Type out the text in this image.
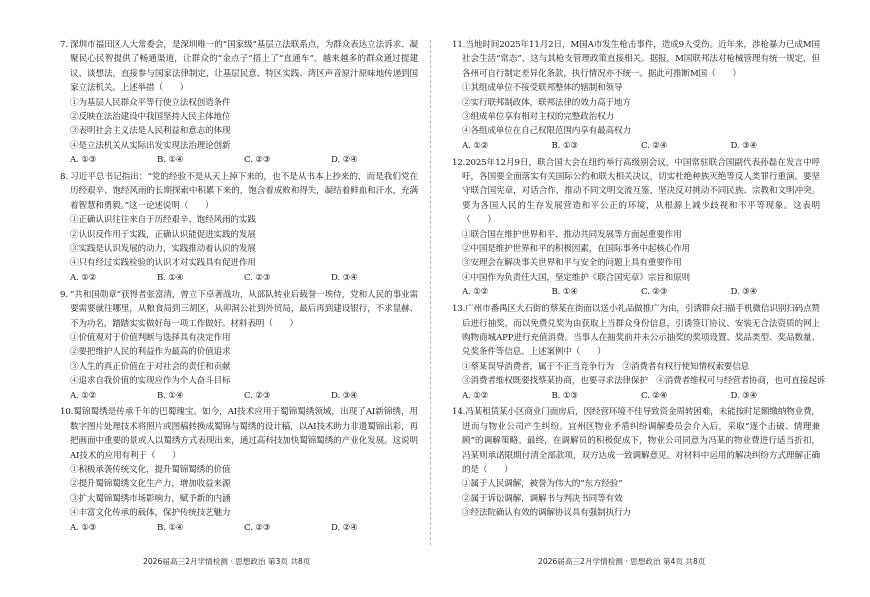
7. 深圳市福田区人大常委会，是深圳唯一的“国家级”基层立法联系点，为群众表达立法诉求、凝聚民心民智提供了畅通渠道，让群众的“金点子”搭上了“直通车”。越来越多的群众通过提建议、谈想法，直接参与国家法律制定，让基层民意、特区实践、湾区声音原汁原味地传递到国家立法机关。上述举措（　　）
①为基层人民群众平等行使立法权创造条件
②反映在法治建设中我国坚持人民主体地位
③表明社会主义法是人民利益和意志的体现
④是立法机关从实际出发实现法治理论创新
A. ①③	B. ①④	C. ②③	D. ②④
8. 习近平总书记指出：“党的经验不是从天上掉下来的，也不是从书本上抄来的，而是我们党在历经艰辛、饱经风雨的长期探索中积累下来的，饱含着成败和得失，凝结着鲜血和汗水，充满着智慧和勇毅。”这一论述说明（　　）
①正确认识往往来自于历经艰辛、饱经风雨的实践
②认识反作用于实践，正确认识能促进实践的发展
③实践是认识发展的动力，实践推动着认识的发展
④只有经过实践检验的认识才对实践具有促进作用
A. ①②	B. ①④	C. ②③	D. ③④
9. “共和国勋章”获得者张富清，曾立下卓著战功，从部队转业后载誉一埃侍，党和人民的事业需要需要就往哪里，从粮食局到三胡区，从卯洞公社到外贸局，最后再到建设银行，不求显赫、不为功名，踏踏实实做好每一项工作做好。材料表明（　　）
①价值观对于价值判断与选择具有决定作用
②要把维护人民的利益作为最高的价值追求
③人生的真正价值在于对社会的责任和贡献
④追求自我价值的实现应作为个人奋斗目标
A. ①②	B. ①④	C. ②③	D. ③④
10.蜀锦蜀绣是传承千年的巴蜀瑰宝。如今，AI技术应用于蜀锦蜀绣领域，出现了AI新锦绣，用数字图片处理技术将照片或图稿转换成蜀锦与蜀绣的设计稿，以AI技术助力非遗蜀锦出彩，再把画面中重要的景或人以蜀绣方式表现出来，通过高科技加快蜀锦蜀绣的产业化发展。这说明AI技术的应用有利于（　　）
①积极承袭传统文化，提升蜀锦蜀绣的价值
②提升蜀锦蜀绣文化生产力，增加收益来源
③扩大蜀锦蜀绣市场影响力，赋予新的内涵
④丰富文化传承的载体，保护传统技艺魅力
A. ①③	B. ①④	C. ②③	D. ②④
11.当地时间2025年11月2日，M国A市发生枪击事件，造成9人受伤。近年来，涉枪暴力已成M国社会生活“常态”，这与其枪支管理政策直接相关。据报，M国联邦法对枪械管理有统一规定，但各州可自行制定差异化条款，执行情况亦不统一。据此可推断M国（　　）
①其组成单位不接受联邦整体的辖制和领导
②实行联邦制政体，联邦法律的效力高于地方
③组成单位享有相对主权的完整政治权力
④各组成单位在自己权限范围内享有最高权力
A. ①②	B. ①③	C. ②④	D. ③④
12.2025年12月9日，联合国大会在纽约举行高级别会议，中国常驻联合国副代表孙磊在发言中呼吁，各国要全面落实有关国际公约和联大相关决议，切实杜绝种族灭绝等反人类罪行重演。要坚守联合国宪章，对话合作，推动不同文明交流互鉴，坚决反对挑动不同民族、宗教和文明冲突。要为各国人民的生存发展营造和平公正的环境，从根源上减少歧视和不平等现象。这表明（　　）
①联合国在维护世界和平、推动共同发展等方面起重要作用
②中国是维护世界和平的积极因素，在国际事务中起核心作用
③安理会在解决事关世界和平与安全的问题上具有重要作用
④中国作为负责任大国，坚定维护《联合国宪章》宗旨和原则
A. ①②	B. ①④	C. ②③	D. ③④
13.广州市番禺区大石街的蔡某在街面以送小礼品做推广为由，引诱群众扫描手机微信识别扫码点赞后进行抽奖，而以免费兑奖为由获取上当群众身份信息，引诱签订协议、安装无合法资质的网上购物商城APP进行充值消费。当事人在抽奖前并未公示抽奖的奖项设置、奖品类型、奖品数量、兑奖条件等信息。上述案例中（　　）
①蔡某误导消费者，属于不正当竞争行为　②消费者有权行使知情权索要信息
③消费者维权既要找蔡某协商，也要寻求法律保护　④消费者维权可与经营者协商，也可直接起诉
A. ①②	B. ①③	C. ②④	D. ③④
14.冯某租赁某小区商业门面房后，因经营环境不佳导致资金周转困难，未能按时足额缴纳物业费，进而与物业公司产生纠纷。宜州区物业矛盾纠纷调解委员会介入后，采取“逐个击破、情理兼顾”的调解策略。最终，在调解员的积极促成下，物业公司同意为冯某的物业费进行适当折扣，冯某则承诺限期付清全部款项，双方达成一致调解意见。对材料中运用的解决纠纷方式理解正确的是（　　）
①属于人民调解，被誉为伟大的“东方经验”
②属于诉讼调解，调解书与判决书同等有效
③经法院确认有效的调解协议具有强制执行力
2026届高三2月学情检测 · 思想政治 第3页 共8页	2026届高三2月学情检测 · 思想政治 第4页 共8页
